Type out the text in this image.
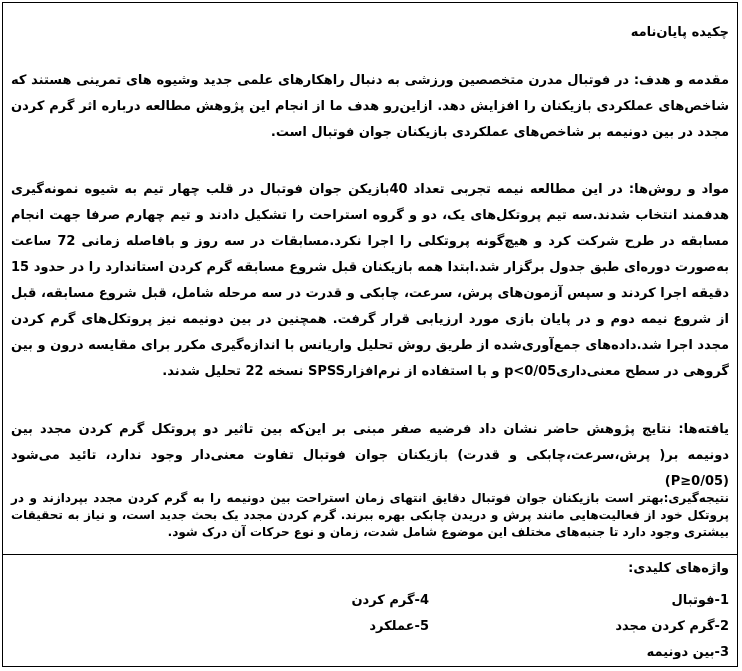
چکیده پایان‌نامه
مقدمه و هدف: در فوتبال مدرن متخصصین ورزشی به دنبال راهکارهای علمی جدید وشیوه های تمرینی هستند که شاخص‌های عملکردی بازیکنان را افزایش دهد. ازاین‌رو هدف ما از انجام این پژوهش مطالعه درباره اثر گرم کردن مجدد در بین دونیمه بر شاخص‌های عملکردی بازیکنان جوان فوتبال است.
مواد و روش‌ها: در این مطالعه نیمه تجربی تعداد 40بازیکن جوان فوتبال در قلب چهار تیم به شیوه نمونه‌گیری هدفمند انتخاب شدند.سه تیم پروتکل‌های یک، دو و گروه استراحت را تشکیل دادند و تیم چهارم صرفا جهت انجام مسابقه در طرح شرکت کرد و هیچ‌گونه پروتکلی را اجرا نکرد.مسابقات در سه روز و بافاصله زمانی 72 ساعت به‌صورت دوره‌ای طبق جدول برگزار شد.ابتدا همه بازیکنان قبل شروع مسابقه گرم کردن استاندارد را در حدود 15 دقیقه اجرا کردند و سپس آزمون‌های پرش، سرعت، چابکی و قدرت در سه مرحله شامل، قبل شروع مسابقه، قبل از شروع نیمه دوم و در پایان بازی مورد ارزیابی قرار گرفت. همچنین در بین دونیمه نیز پروتکل‌های گرم کردن مجدد اجرا شد.داده‌های جمع‌آوری‌شده از طریق روش تحلیل واریانس با اندازه‌گیری مکرر برای مقایسه درون و بین گروهی در سطح معنی‌داری0/05>p و با استفاده از نرم‌افزارSPSS نسخه 22 تحلیل شدند.
یافته‌ها: نتایج پژوهش حاضر نشان داد فرضیه صفر مبنی بر این‌که بین تاثیر دو پروتکل گرم کردن مجدد بین دونیمه بر( پرش،سرعت،چابکی و قدرت) بازیکنان جوان فوتبال تفاوت معنی‌دار وجود ندارد، تائید می‌شود (P≥0/05)
نتیجه‌گیری:بهتر است بازیکنان جوان فوتبال دقایق انتهای زمان استراحت بین دونیمه را به گرم کردن مجدد بپردازند و در پروتکل خود از فعالیت‌هایی مانند پرش و دریدن چابکی بهره ببرند. گرم کردن مجدد یک بحث جدید است، و نیاز به تحقیقات بیشتری وجود دارد تا جنبه‌های مختلف این موضوع شامل شدت، زمان و نوع حرکات آن درک شود.
واژه‌های کلیدی:
1-فوتبال
4-گرم کردن
2-گرم کردن مجدد
5-عملکرد
3-بین دونیمه
